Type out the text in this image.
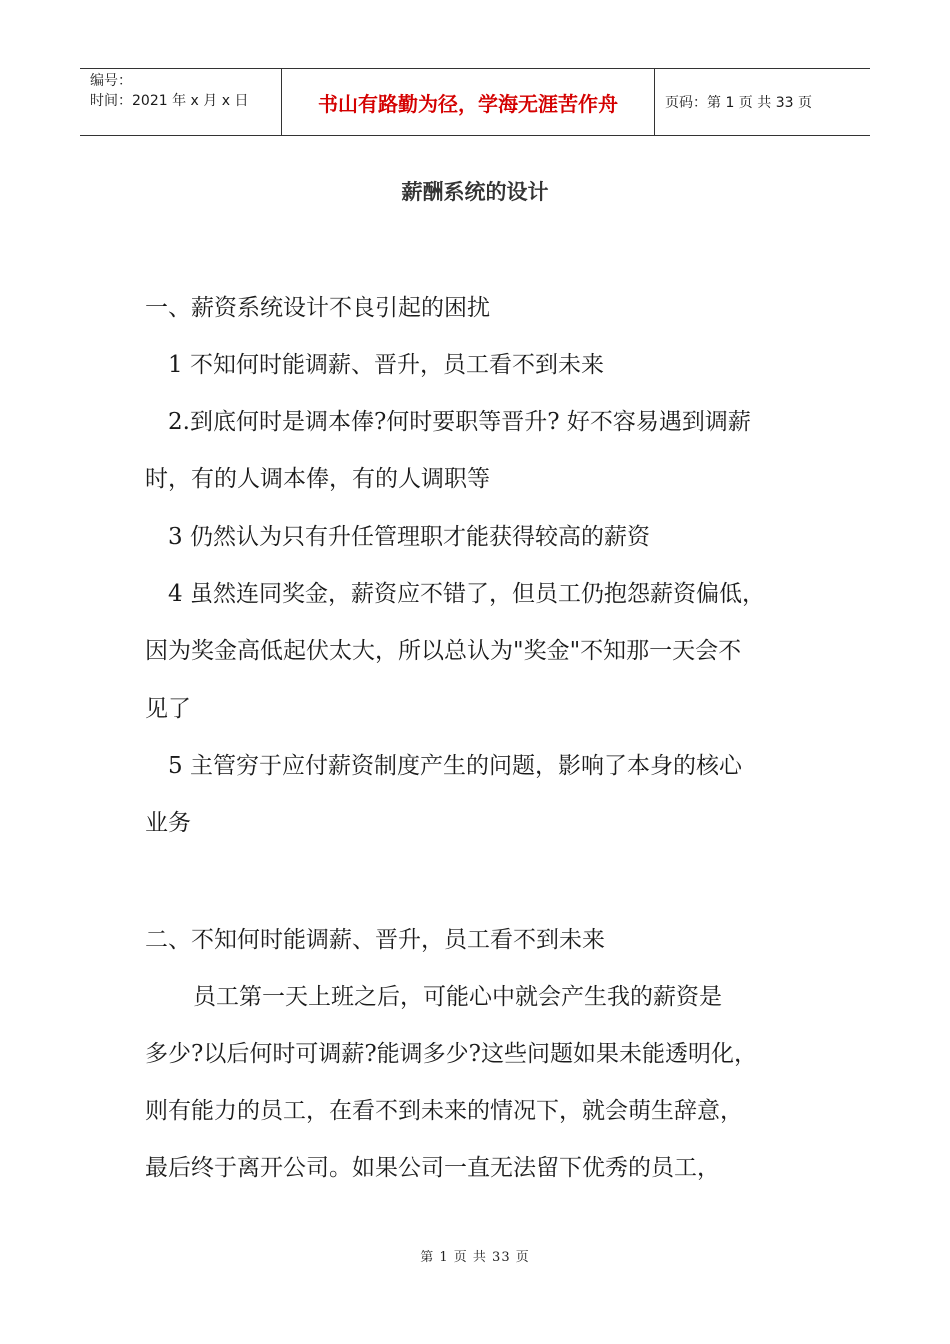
编号：
时间：2021 年 x 月 x 日	书山有路勤为径，学海无涯苦作舟	页码：第 1 页 共 33 页
薪酬系统的设计
一、薪资系统设计不良引起的困扰
1 不知何时能调薪、晋升，员工看不到未来
2.到底何时是调本俸?何时要职等晋升? 好不容易遇到调薪
时，有的人调本俸，有的人调职等
3 仍然认为只有升任管理职才能获得较高的薪资
4 虽然连同奖金，薪资应不错了，但员工仍抱怨薪资偏低，
因为奖金高低起伏太大，所以总认为"奖金"不知那一天会不
见了
5 主管穷于应付薪资制度产生的问题，影响了本身的核心
业务
二、不知何时能调薪、晋升，员工看不到未来
员工第一天上班之后，可能心中就会产生我的薪资是
多少?以后何时可调薪?能调多少?这些问题如果未能透明化，
则有能力的员工，在看不到未来的情况下，就会萌生辞意，
最后终于离开公司。如果公司一直无法留下优秀的员工，
第 1 页 共 33 页
